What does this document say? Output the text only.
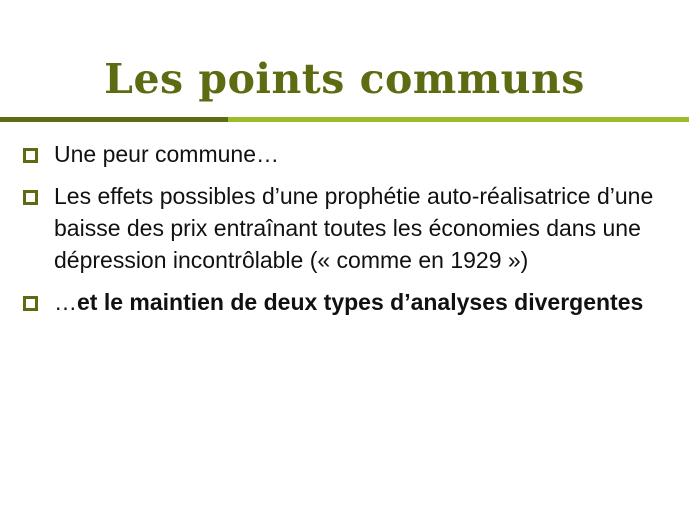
Les points communs
Une peur commune…
Les effets possibles d’une prophétie auto-réalisatrice d’une baisse des prix entraînant toutes les économies dans une dépression incontrôlable (« comme en 1929 »)
…et le maintien de deux types d’analyses divergentes
